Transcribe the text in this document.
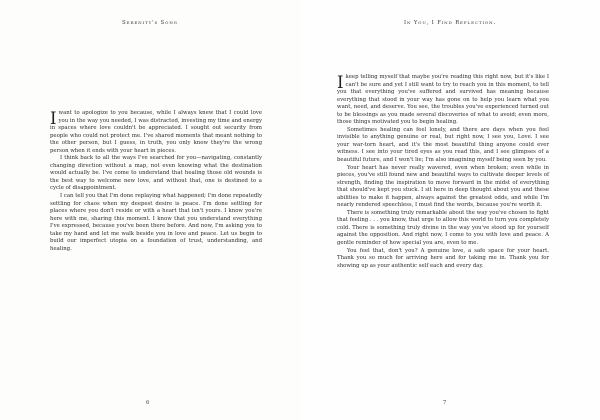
Serenity's Song

Iwant to apologize to you because, while I always knew that I could love you in the way you needed, I was distracted, investing my time and energy in spaces where love couldn't be appreciated. I sought out security from people who could not protect me. I've shared moments that meant nothing to the other person, but I guess, in truth, you only know they're the wrong person when it ends with your heart in pieces.

I think back to all the ways I've searched for you—navigating, constantly changing direction without a map, not even knowing what the destination would actually be. I've come to understand that healing those old wounds is the best way to welcome new love, and without that, one is destined to a cycle of disappointment.

I can tell you that I'm done replaying what happened; I'm done repeatedly settling for chaos when my deepest desire is peace. I'm done settling for places where you don't reside or with a heart that isn't yours. I know you're here with me, sharing this moment. I know that you understand everything I've expressed, because you've been there before. And now, I'm asking you to take my hand and let me walk beside you in love and peace. Let us begin to build our imperfect utopia on a foundation of trust, understanding, and healing.

6
In You, I Find Reflection.

Ikeep telling myself that maybe you're reading this right now, but it's like I can't be sure and yet I still want to try to reach you in this moment, to tell you that everything you've suffered and survived has meaning because everything that stood in your way has gone on to help you learn what you want, need, and deserve. You see, the troubles you've experienced turned out to be blessings as you made several discoveries of what to avoid; even more, those things motivated you to begin healing.

Sometimes healing can feel lonely, and there are days when you feel invisible to anything genuine or real, but right now, I see you, Love. I see your war-torn heart, and it's the most beautiful thing anyone could ever witness. I see into your tired eyes as you read this, and I see glimpses of a beautiful future, and I won't lie; I'm also imagining myself being seen by you.

Your heart has never really wavered, even when broken; even while in pieces, you've still found new and beautiful ways to cultivate deeper levels of strength, finding the inspiration to move forward in the midst of everything that should've kept you stuck. I sit here in deep thought about you and these abilities to make it happen, always against the greatest odds, and while I'm nearly rendered speechless, I must find the words, because you're worth it.

There is something truly remarkable about the way you've chosen to fight that feeling . . . you know, that urge to allow this world to turn you completely cold. There is something truly divine in the way you've stood up for yourself against the opposition. And right now, I come to you with love and peace. A gentle reminder of how special you are, even to me.

You feel that, don't you? A genuine love, a safe space for your heart. Thank you so much for arriving here and for taking me in. Thank you for showing up as your authentic self each and every day.

7
